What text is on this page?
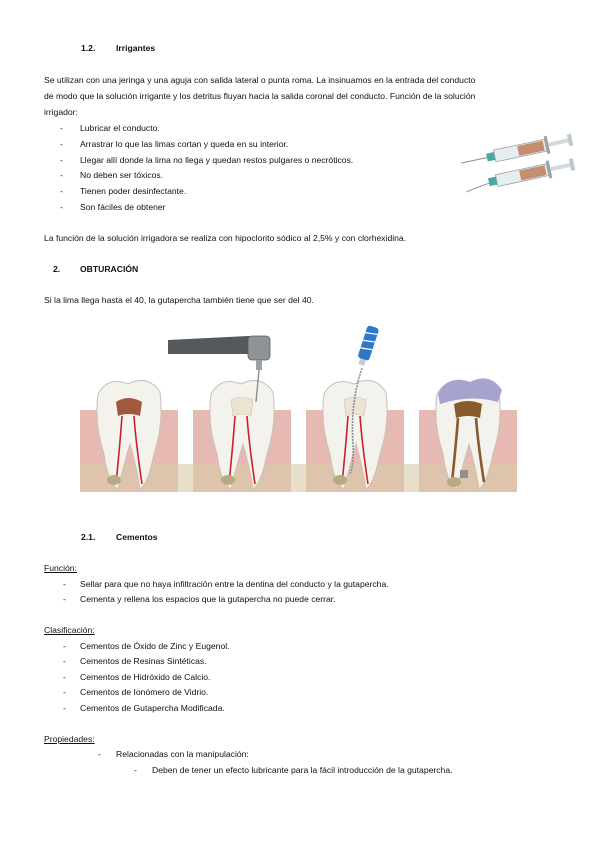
1.2. Irrigantes
Se utilizan con una jeringa y una aguja con salida lateral o punta roma. La insinuamos en la entrada del conducto
de modo que la solución irrigante y los detritus fluyan hacia la salida coronal del conducto. Función de la solución
irrigador:
- Lubricar el conducto.
- Arrastrar lo que las limas cortan y queda en su interior.
- Llegar allí donde la lima no llega y quedan restos pulgares o necróticos.
- No deben ser tóxicos.
- Tienen poder desinfectante.
- Son fáciles de obtener
La función de la solución irrigadora se realiza con hipoclorito sódico al 2,5% y con clorhexidina.
2. OBTURACIÓN
Si la lima llega hasta el 40, la gutapercha también tiene que ser del 40.
2.1. Cementos
Función:
- Sellar para que no haya infiltración entre la dentina del conducto y la gutapercha.
- Cementa y rellena los espacios que la gutapercha no puede cerrar.
Clasificación:
- Cementos de Óxido de Zinc y Eugenol.
- Cementos de Resinas Sintéticas.
- Cementos de Hidróxido de Calcio.
- Cementos de Ionómero de Vidrio.
- Cementos de Gutapercha Modificada.
Propiedades:
- Relacionadas con la manipulación:
- Deben de tener un efecto lubricante para la fácil introducción de la gutapercha.
